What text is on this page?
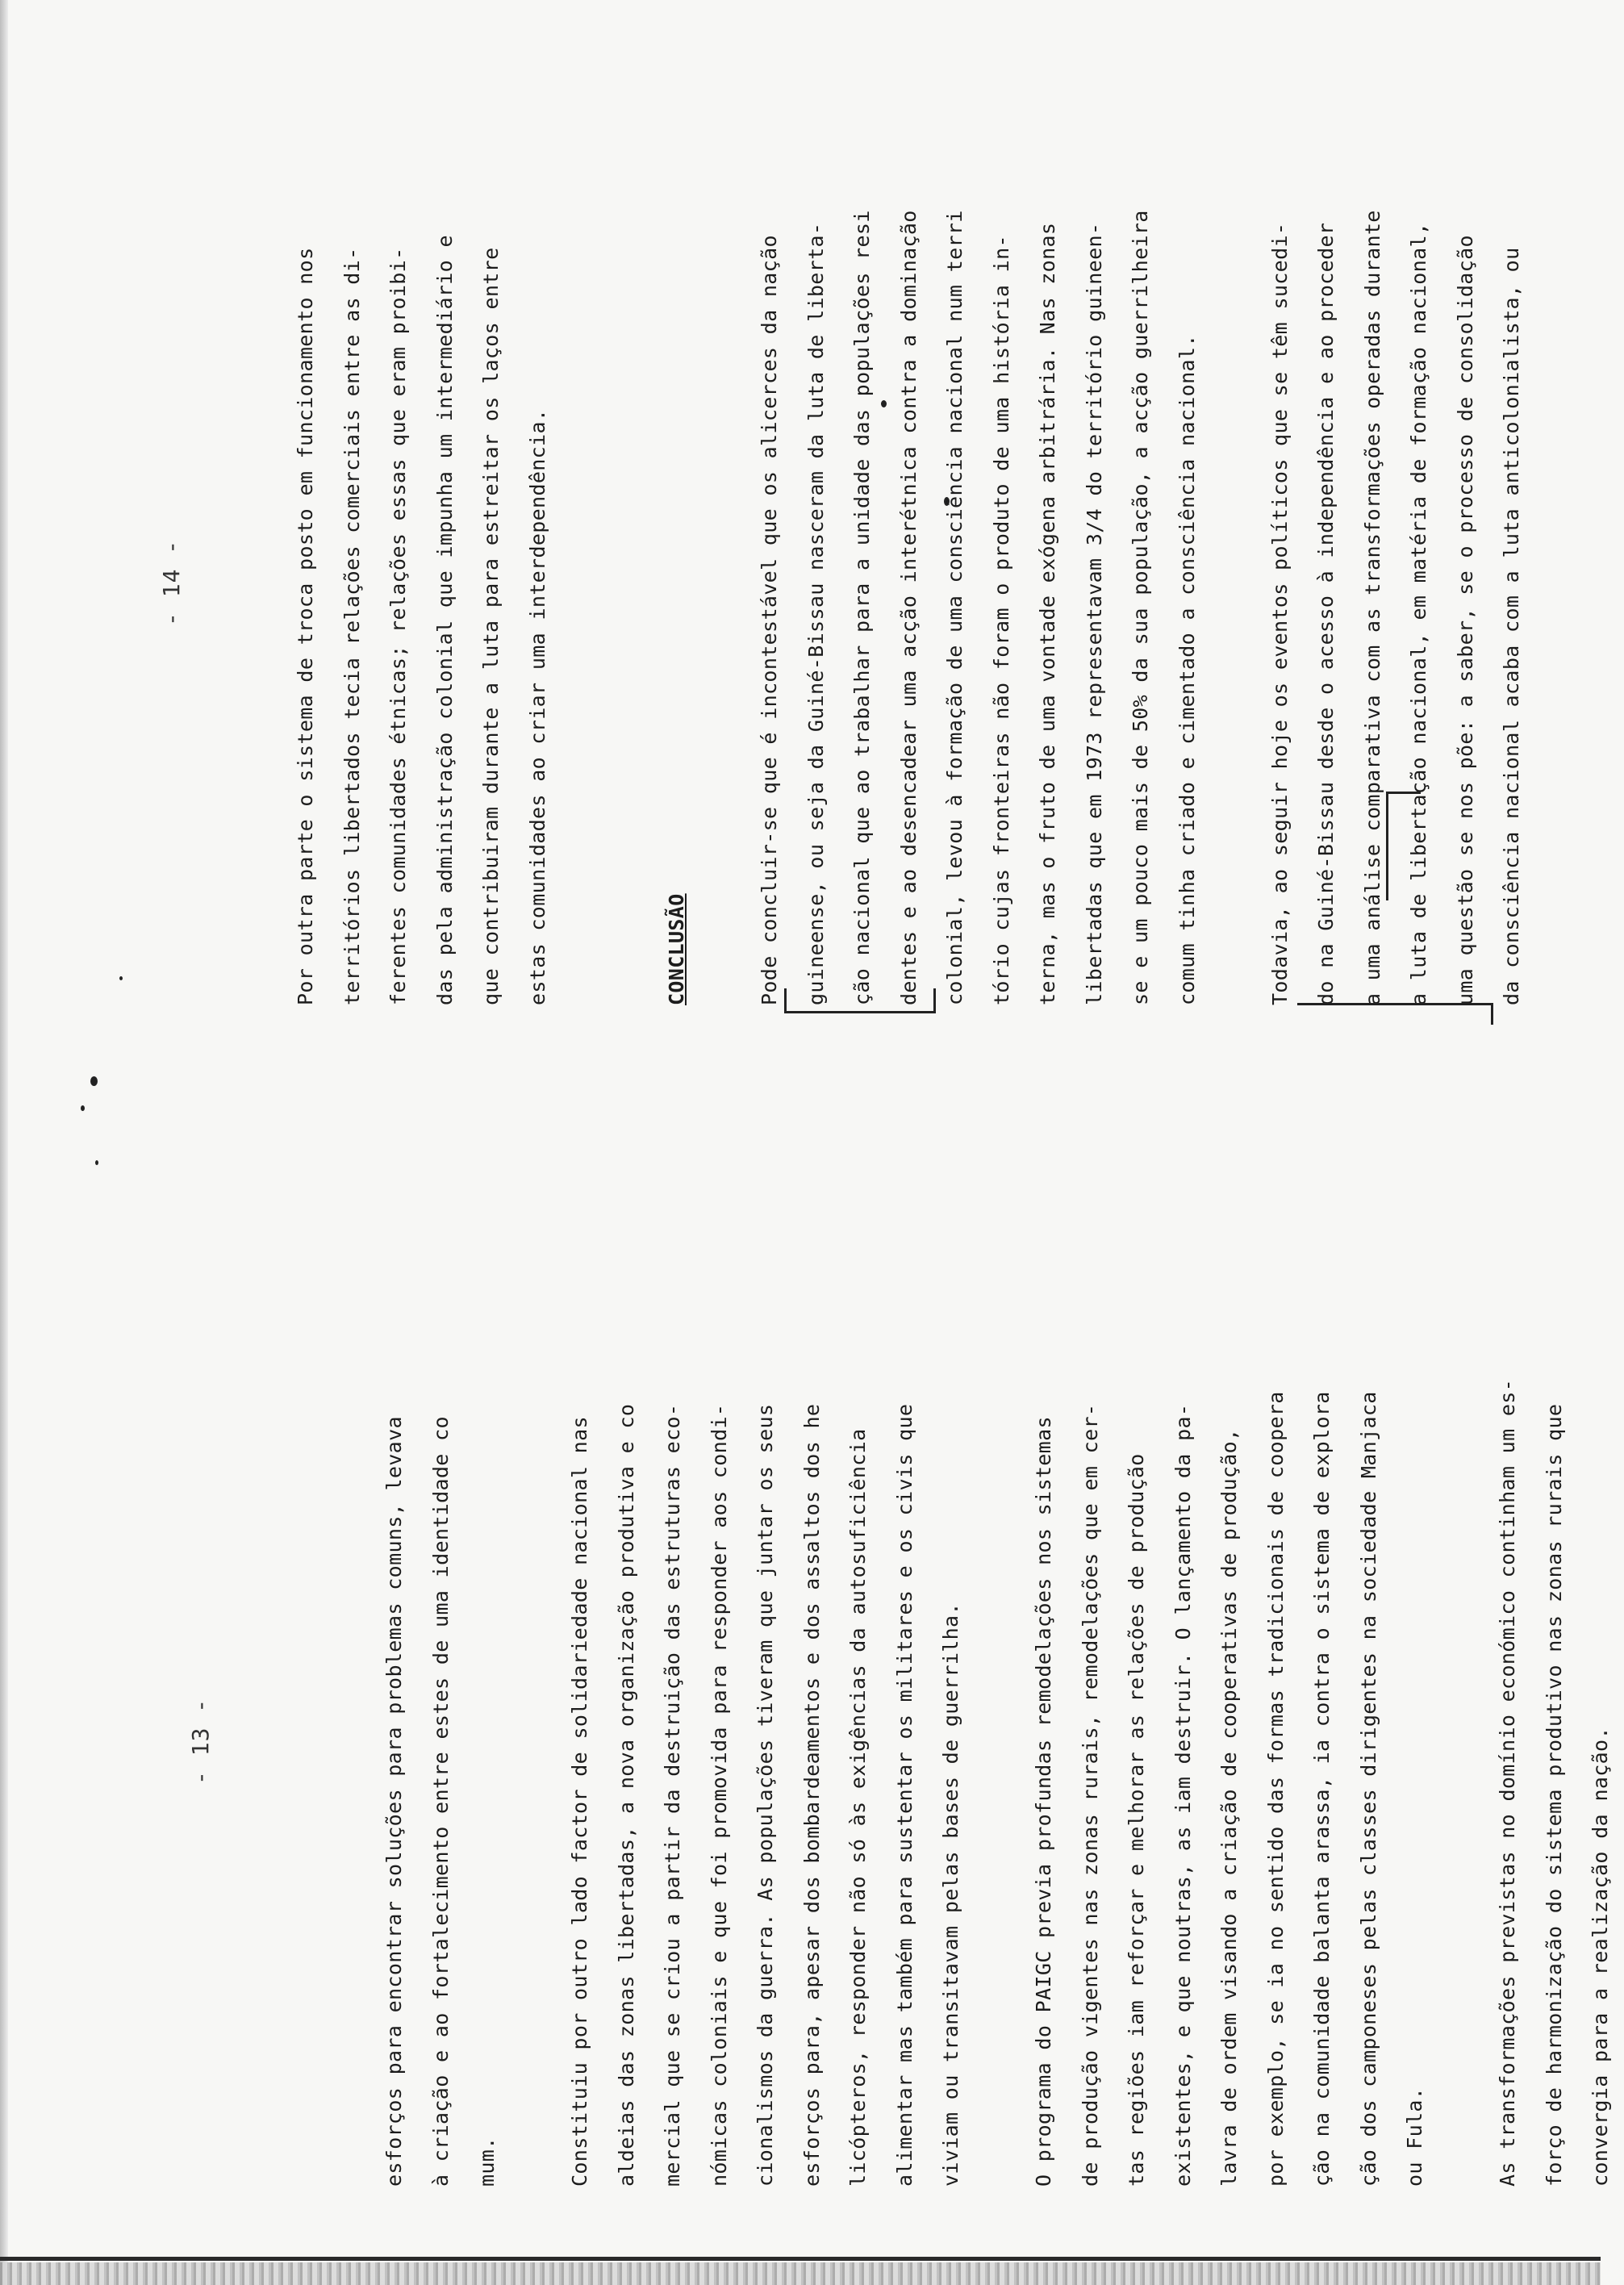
- 13 -	esforços para encontrar soluções para problemas comuns, levava	à criação e ao fortalecimento entre estes de uma identidade co	mum.	Constituiu por outro lado factor de solidariedade nacional nas	aldeias das zonas libertadas, a nova organização produtiva e co	mercial que se criou a partir da destruição das estruturas eco-	nómicas coloniais e que foi promovida para responder aos condi-	cionalismos da guerra. As populações tiveram que juntar os seus	esforços para, apesar dos bombardeamentos e dos assaltos dos he	licópteros, responder não só às exigências da autosuficiência	alimentar mas também para sustentar os militares e os civis que	viviam ou transitavam pelas bases de guerrilha.	O programa do PAIGC previa profundas remodelações nos sistemas	de produção vigentes nas zonas rurais, remodelações que em cer-	tas regiões iam reforçar e melhorar as relações de produção	existentes, e que noutras, as iam destruir. O lançamento da pa-	lavra de ordem visando a criação de cooperativas de produção,	por exemplo, se ia no sentido das formas tradicionais de coopera	ção na comunidade balanta arassa, ia contra o sistema de explora	ção dos camponeses pelas classes dirigentes na sociedade Manjaca	ou Fula.	As transformações previstas no domínio económico continham um es-	forço de harmonização do sistema produtivo nas zonas rurais que	convergia para a realização da nação.

- 14 -	Por outra parte o sistema de troca posto em funcionamento nos	territórios libertados tecia relações comerciais entre as di-	ferentes comunidades étnicas; relações essas que eram proibi-	das pela administração colonial que impunha um intermediário e	que contribuiram durante a luta para estreitar os laços entre	estas comunidades ao criar uma interdependência.	CONCLUSÃO	Pode concluir-se que é incontestável que os alicerces da nação	guineense, ou seja da Guiné-Bissau nasceram da luta de liberta-	ção nacional que ao trabalhar para a unidade das populações resi	dentes e ao desencadear uma acção interétnica contra a dominação	colonial, levou à formação de uma consciência nacional num terri	tório cujas fronteiras não foram o produto de uma história in-	terna, mas o fruto de uma vontade exógena arbitrária. Nas zonas	libertadas que em 1973 representavam 3/4 do território guineen-	se e um pouco mais de 50% da sua população, a acção guerrilheira	comum tinha criado e cimentado a consciência nacional.	Todavia, ao seguir hoje os eventos políticos que se têm sucedi-	do na Guiné-Bissau desde o acesso à independência e ao proceder	a uma análise comparativa com as transformações operadas durante	a luta de libertação nacional, em matéria de formação nacional,	uma questão se nos põe: a saber, se o processo de consolidação	da consciência nacional acaba com a luta anticolonialista, ou
